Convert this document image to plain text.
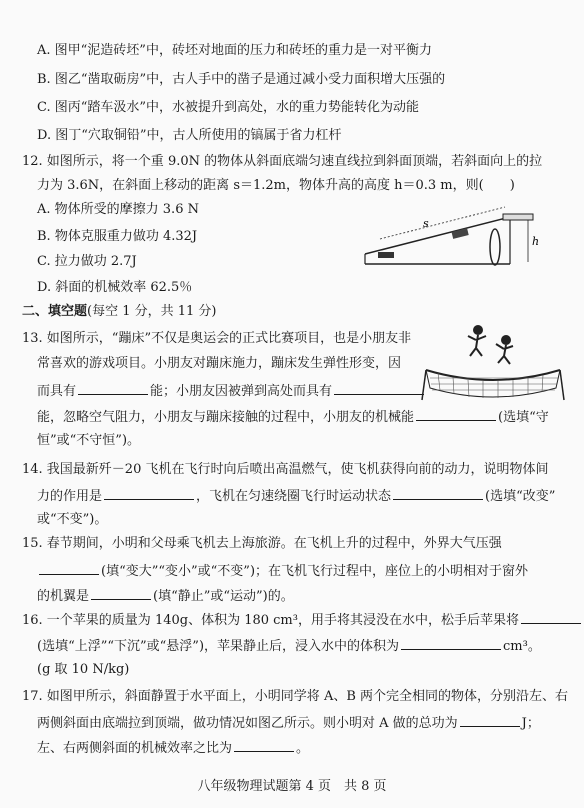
A. 图甲“泥造砖坯”中，砖坯对地面的压力和砖坯的重力是一对平衡力
B. 图乙“凿取砺房”中，古人手中的凿子是通过减小受力面积增大压强的
C. 图丙“踏车汲水”中，水被提升到高处，水的重力势能转化为动能
D. 图丁“穴取铜铅”中，古人所使用的镐属于省力杠杆
12. 如图所示，将一个重 9.0N 的物体从斜面底端匀速直线拉到斜面顶端，若斜面向上的拉
力为 3.6N，在斜面上移动的距离 s＝1.2m，物体升高的高度 h＝0.3 m，则(　　)
A. 物体所受的摩擦力 3.6 N
B. 物体克服重力做功 4.32J
C. 拉力做功 2.7J
D. 斜面的机械效率 62.5％
s
h
二、填空题(每空 1 分，共 11 分)
13. 如图所示，“蹦床”不仅是奥运会的正式比赛项目，也是小朋友非
常喜欢的游戏项目。小朋友对蹦床施力，蹦床发生弹性形变，因
而具有	能；小朋友因被弹到高处而具有
能，忽略空气阻力，小朋友与蹦床接触的过程中，小朋友的机械能	(选填“守
恒”或“不守恒”)。
14. 我国最新歼－20 飞机在飞行时向后喷出高温燃气，使飞机获得向前的动力，说明物体间
力的作用是	，飞机在匀速绕圈飞行时运动状态	(选填“改变”
或“不变”)。
15. 春节期间，小明和父母乘飞机去上海旅游。在飞机上升的过程中，外界大气压强
(填“变大”“变小”或“不变”)；在飞机飞行过程中，座位上的小明相对于窗外
的机翼是	(填“静止”或“运动”)的。
16. 一个苹果的质量为 140g、体积为 180 cm³，用手将其浸没在水中，松手后苹果将
(选填“上浮”“下沉”或“悬浮”)，苹果静止后，浸入水中的体积为	cm³。
(g 取 10 N/kg)
17. 如图甲所示，斜面静置于水平面上，小明同学将 A、B 两个完全相同的物体，分别沿左、右
两侧斜面由底端拉到顶端，做功情况如图乙所示。则小明对 A 做的总功为	J；
左、右两侧斜面的机械效率之比为	。
八年级物理试题第 4 页　共 8 页
